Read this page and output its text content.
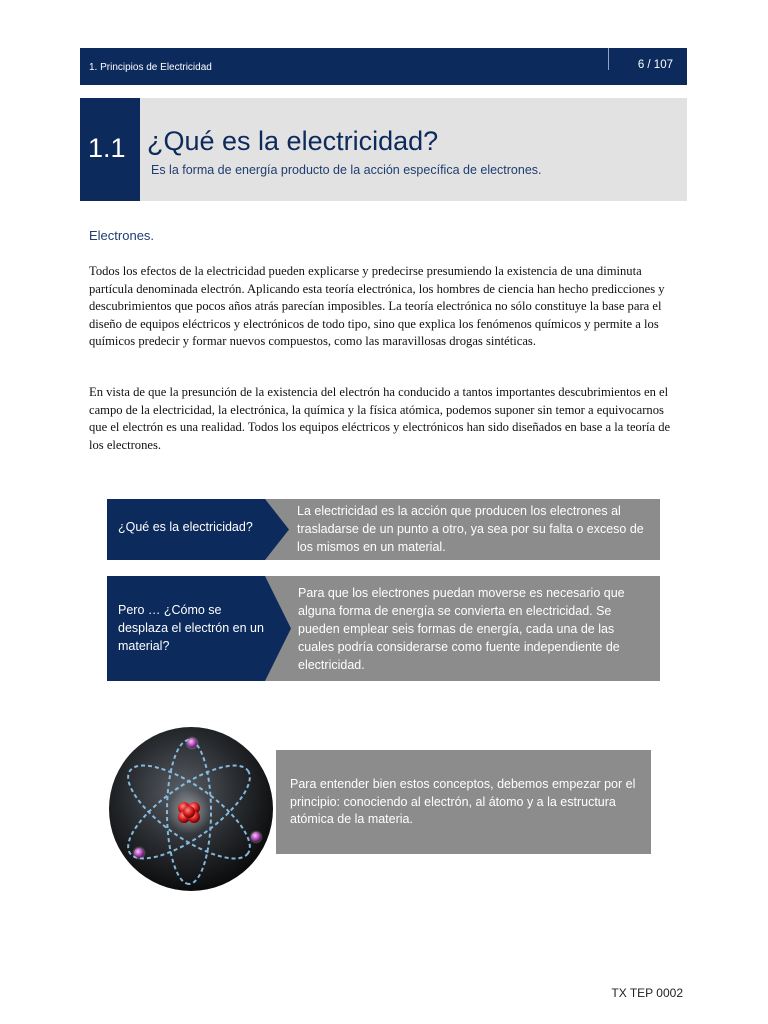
1. Principios de Electricidad	6 / 107
1.1 ¿Qué es la electricidad?
Es la forma de energía producto de la acción específica de electrones.
Electrones.

Todos los efectos de la electricidad pueden explicarse y predecirse presumiendo la existencia de una diminuta partícula denominada electrón. Aplicando esta teoría electrónica, los hombres de ciencia han hecho predicciones y descubrimientos que pocos años atrás parecían imposibles. La teoría electrónica no sólo constituye la base para el diseño de equipos eléctricos y electrónicos de todo tipo, sino que explica los fenómenos químicos y permite a los químicos predecir y formar nuevos compuestos, como las maravillosas drogas sintéticas.

En vista de que la presunción de la existencia del electrón ha conducido a tantos importantes descubrimientos en el campo de la electricidad, la electrónica, la química y la física atómica, podemos suponer sin temor a equivocarnos que el electrón es una realidad. Todos los equipos eléctricos y electrónicos han sido diseñados en base a la teoría de los electrones.

¿Qué es la electricidad?
La electricidad es la acción que producen los electrones al trasladarse de un punto a otro, ya sea por su falta o exceso de los mismos en un material.
Pero … ¿Cómo se desplaza el electrón en un material?
Para que los electrones puedan moverse es necesario que alguna forma de energía se convierta en electricidad. Se pueden emplear seis formas de energía, cada una de las cuales podría considerarse como fuente independiente de electricidad.
Para entender bien estos conceptos, debemos empezar por el principio: conociendo al electrón, al átomo y a la estructura atómica de la materia.
TX TEP 0002
